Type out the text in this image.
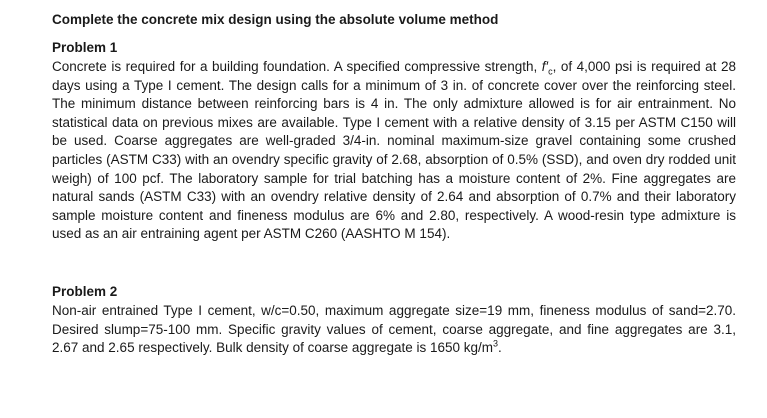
Complete the concrete mix design using the absolute volume method
Problem 1

Concrete is required for a building foundation. A specified compressive strength, $f'_c$, of 4,000 psi is required at 28 days using a Type I cement. The design calls for a minimum of 3 in. of concrete cover over the reinforcing steel. The minimum distance between reinforcing bars is 4 in. The only admixture allowed is for air entrainment. No statistical data on previous mixes are available. Type I cement with a relative density of 3.15 per ASTM C150 will be used. Coarse aggregates are well-graded 3/4-in. nominal maximum-size gravel containing some crushed particles (ASTM C33) with an ovendry specific gravity of 2.68, absorption of 0.5% (SSD), and oven dry rodded unit weigh) of 100 pcf. The laboratory sample for trial batching has a moisture content of 2%. Fine aggregates are natural sands (ASTM C33) with an ovendry relative density of 2.64 and absorption of 0.7% and their laboratory sample moisture content and fineness modulus are 6% and 2.80, respectively. A wood-resin type admixture is used as an air entraining agent per ASTM C260 (AASHTO M 154).

Problem 2

Non-air entrained Type I cement, w/c=0.50, maximum aggregate size=19 mm, fineness modulus of sand=2.70. Desired slump=75-100 mm. Specific gravity values of cement, coarse aggregate, and fine aggregates are 3.1, 2.67 and 2.65 respectively. Bulk density of coarse aggregate is 1650 $kg/m^3$.
